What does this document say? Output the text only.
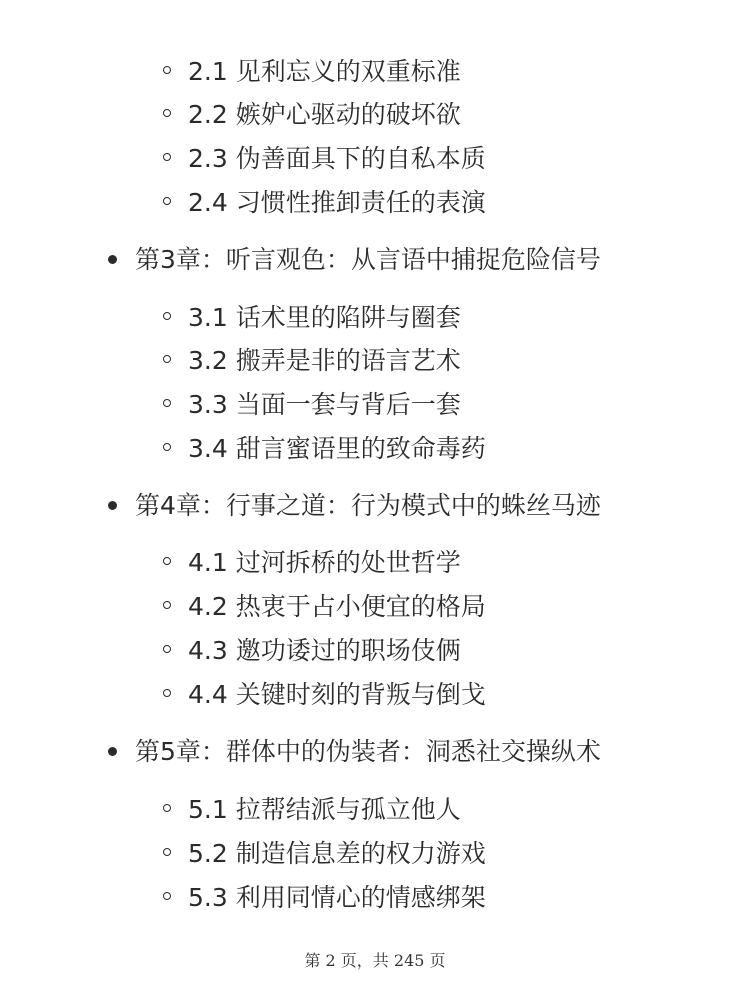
2.1 见利忘义的双重标准
2.2 嫉妒心驱动的破坏欲
2.3 伪善面具下的自私本质
2.4 习惯性推卸责任的表演
第3章：听言观色：从言语中捕捉危险信号
3.1 话术里的陷阱与圈套
3.2 搬弄是非的语言艺术
3.3 当面一套与背后一套
3.4 甜言蜜语里的致命毒药
第4章：行事之道：行为模式中的蛛丝马迹
4.1 过河拆桥的处世哲学
4.2 热衷于占小便宜的格局
4.3 邀功诿过的职场伎俩
4.4 关键时刻的背叛与倒戈
第5章：群体中的伪装者：洞悉社交操纵术
5.1 拉帮结派与孤立他人
5.2 制造信息差的权力游戏
5.3 利用同情心的情感绑架
第 2 页，共 245 页
